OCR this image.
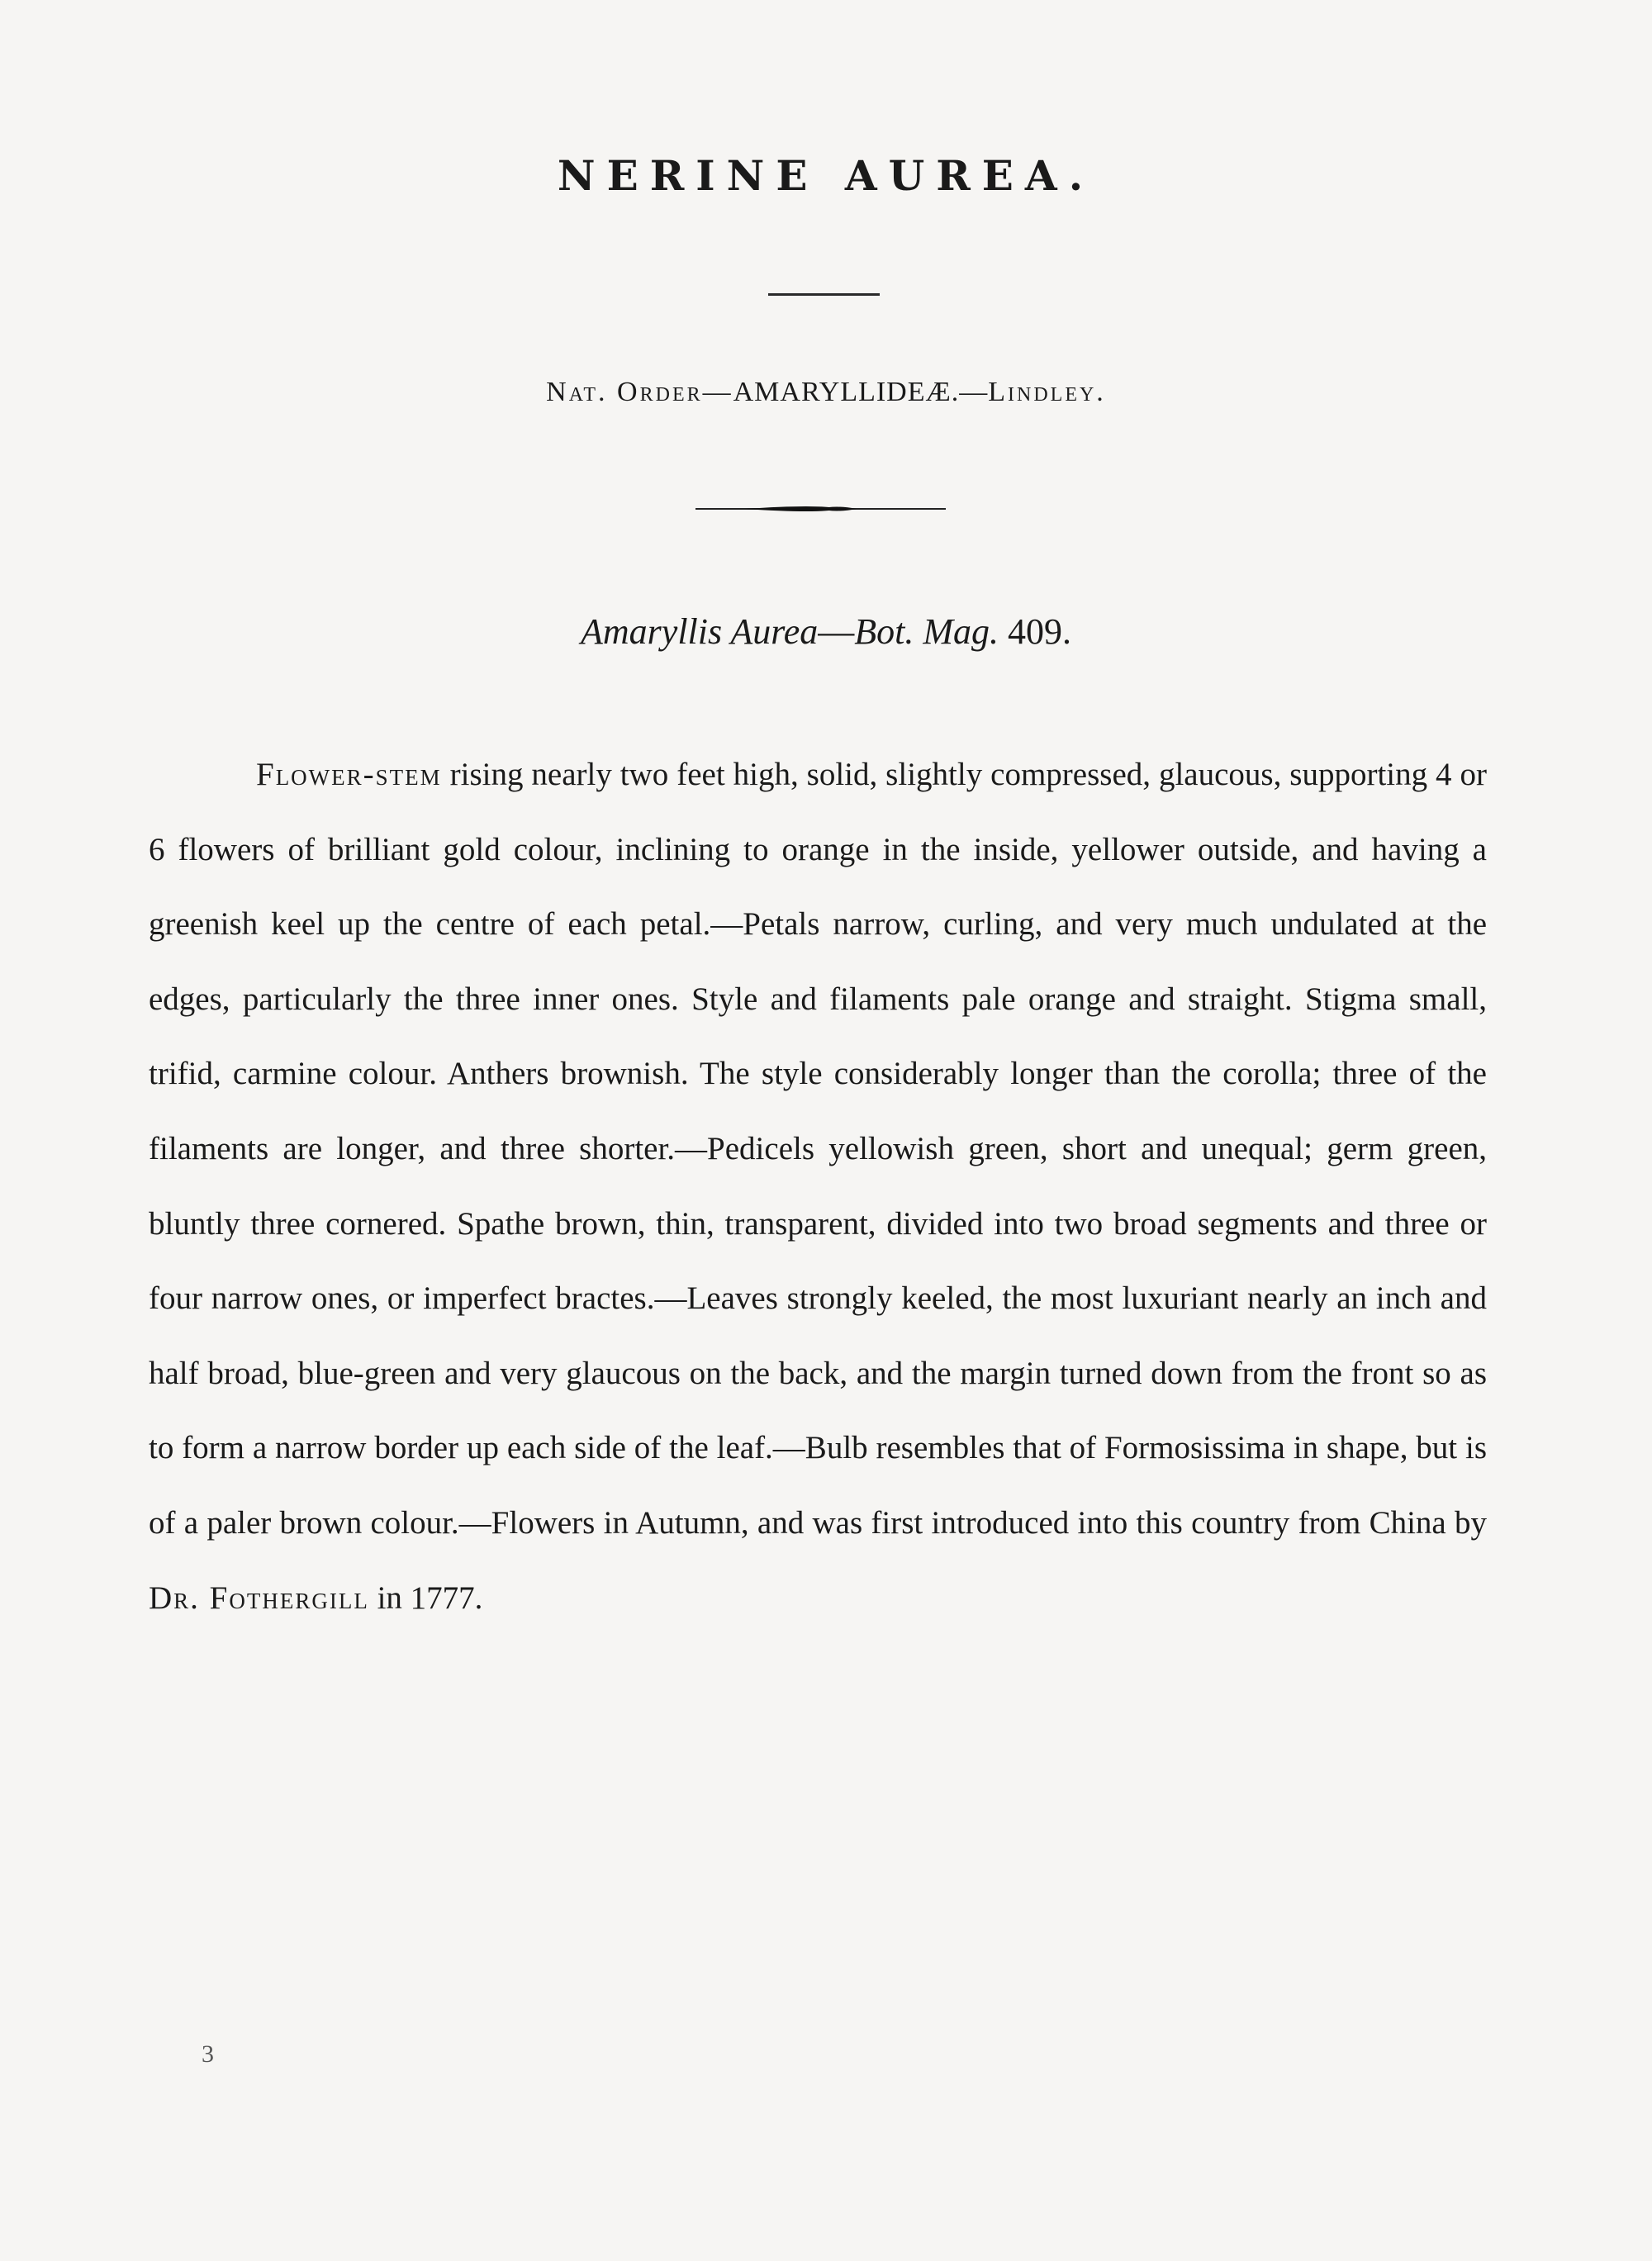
NERINE AUREA.
Nat. Order—AMARYLLIDEÆ.—Lindley.
Amaryllis Aurea—Bot. Mag. 409.

Flower-stem rising nearly two feet high, solid, slightly compressed, glaucous, supporting 4 or 6 flowers of brilliant gold colour, inclining to orange in the inside, yellower outside, and having a greenish keel up the centre of each petal.—Petals narrow, curling, and very much undulated at the edges, particularly the three inner ones. Style and filaments pale orange and straight. Stigma small, trifid, carmine colour. Anthers brownish. The style considerably longer than the corolla; three of the filaments are longer, and three shorter.—Pedicels yellowish green, short and unequal; germ green, bluntly three cornered. Spathe brown, thin, transparent, divided into two broad segments and three or four narrow ones, or imperfect bractes.—Leaves strongly keeled, the most luxuriant nearly an inch and half broad, blue-green and very glaucous on the back, and the margin turned down from the front so as to form a narrow border up each side of the leaf.—Bulb resembles that of Formosissima in shape, but is of a paler brown colour.—Flowers in Autumn, and was first introduced into this country from China by Dr. Fothergill in 1777.

3
